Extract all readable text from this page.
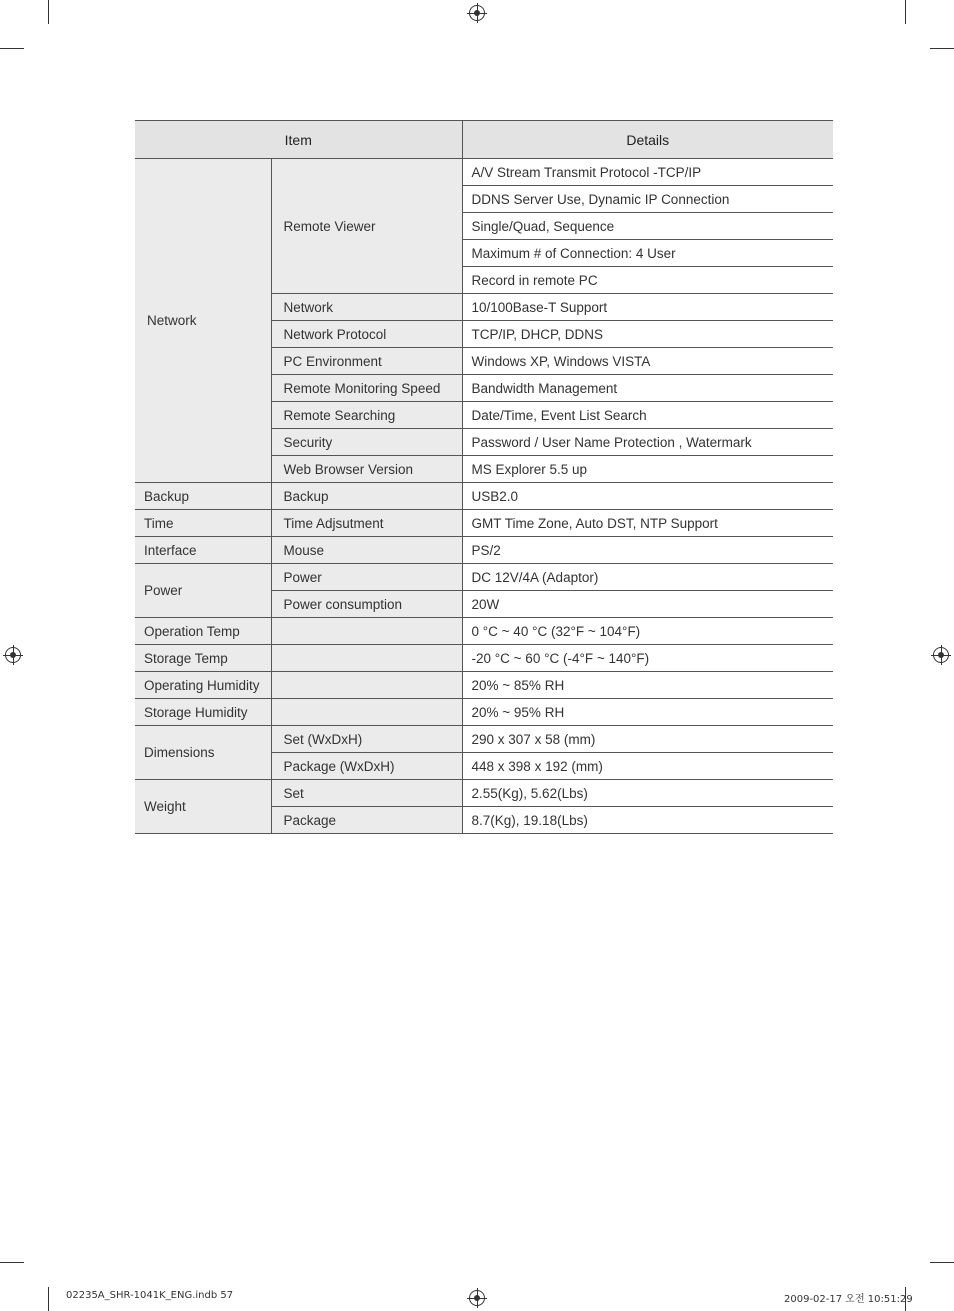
Item		Details
Network	Remote Viewer	A/V Stream Transmit Protocol -TCP/IP
		DDNS Server Use, Dynamic IP Connection
		Single/Quad, Sequence
		Maximum # of Connection: 4 User
		Record in remote PC
	Network	10/100Base-T Support
	Network Protocol	TCP/IP, DHCP, DDNS
	PC Environment	Windows XP, Windows VISTA
	Remote Monitoring Speed	Bandwidth Management
	Remote Searching	Date/Time, Event List Search
	Security	Password / User Name Protection , Watermark
	Web Browser Version	MS Explorer 5.5 up
Backup	Backup	USB2.0
Time	Time Adjsutment	GMT Time Zone, Auto DST, NTP Support
Interface	Mouse	PS/2
Power	Power	DC 12V/4A (Adaptor)
	Power consumption	20W
Operation Temp		0 °C ~ 40 °C (32°F ~ 104°F)
Storage Temp		-20 °C ~ 60 °C (-4°F ~ 140°F)
Operating Humidity		20% ~ 85% RH
Storage Humidity		20% ~ 95% RH
Dimensions	Set (WxDxH)	290 x 307 x 58 (mm)
	Package (WxDxH)	448 x 398 x 192 (mm)
Weight	Set	2.55(Kg), 5.62(Lbs)
	Package	8.7(Kg), 19.18(Lbs)
02235A_SHR-1041K_ENG.indb 57	2009-02-17 오전 10:51:29
